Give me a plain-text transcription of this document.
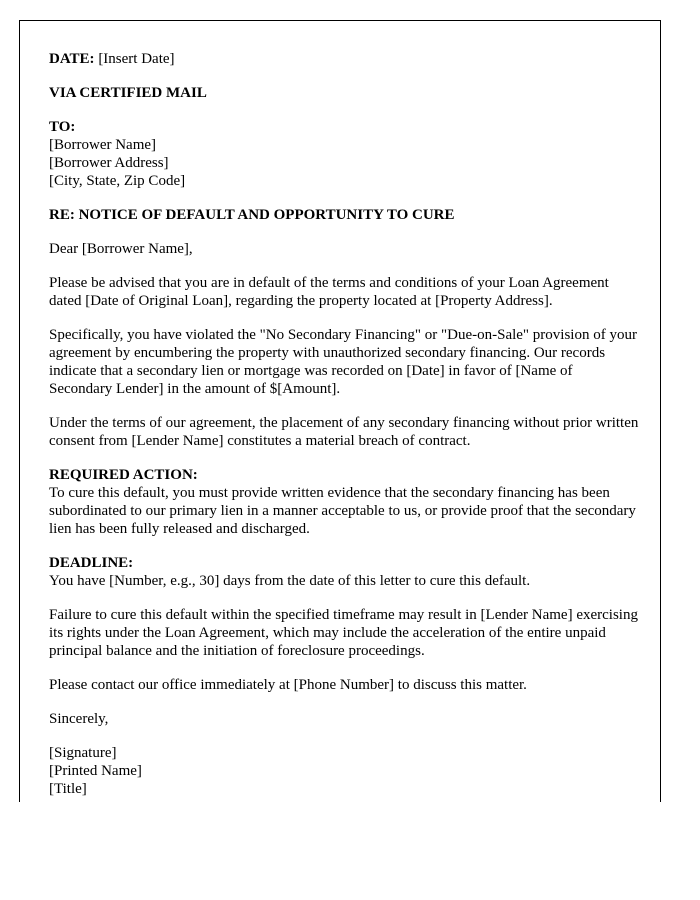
DATE: [Insert Date]
VIA CERTIFIED MAIL
TO:
[Borrower Name]
[Borrower Address]
[City, State, Zip Code]
RE: NOTICE OF DEFAULT AND OPPORTUNITY TO CURE
Dear [Borrower Name],
Please be advised that you are in default of the terms and conditions of your Loan Agreement dated [Date of Original Loan], regarding the property located at [Property Address].
Specifically, you have violated the "No Secondary Financing" or "Due-on-Sale" provision of your agreement by encumbering the property with unauthorized secondary financing. Our records indicate that a secondary lien or mortgage was recorded on [Date] in favor of [Name of Secondary Lender] in the amount of $[Amount].
Under the terms of our agreement, the placement of any secondary financing without prior written consent from [Lender Name] constitutes a material breach of contract.
REQUIRED ACTION:
To cure this default, you must provide written evidence that the secondary financing has been subordinated to our primary lien in a manner acceptable to us, or provide proof that the secondary lien has been fully released and discharged.
DEADLINE:
You have [Number, e.g., 30] days from the date of this letter to cure this default.
Failure to cure this default within the specified timeframe may result in [Lender Name] exercising its rights under the Loan Agreement, which may include the acceleration of the entire unpaid principal balance and the initiation of foreclosure proceedings.
Please contact our office immediately at [Phone Number] to discuss this matter.
Sincerely,
[Signature]
[Printed Name]
[Title]
